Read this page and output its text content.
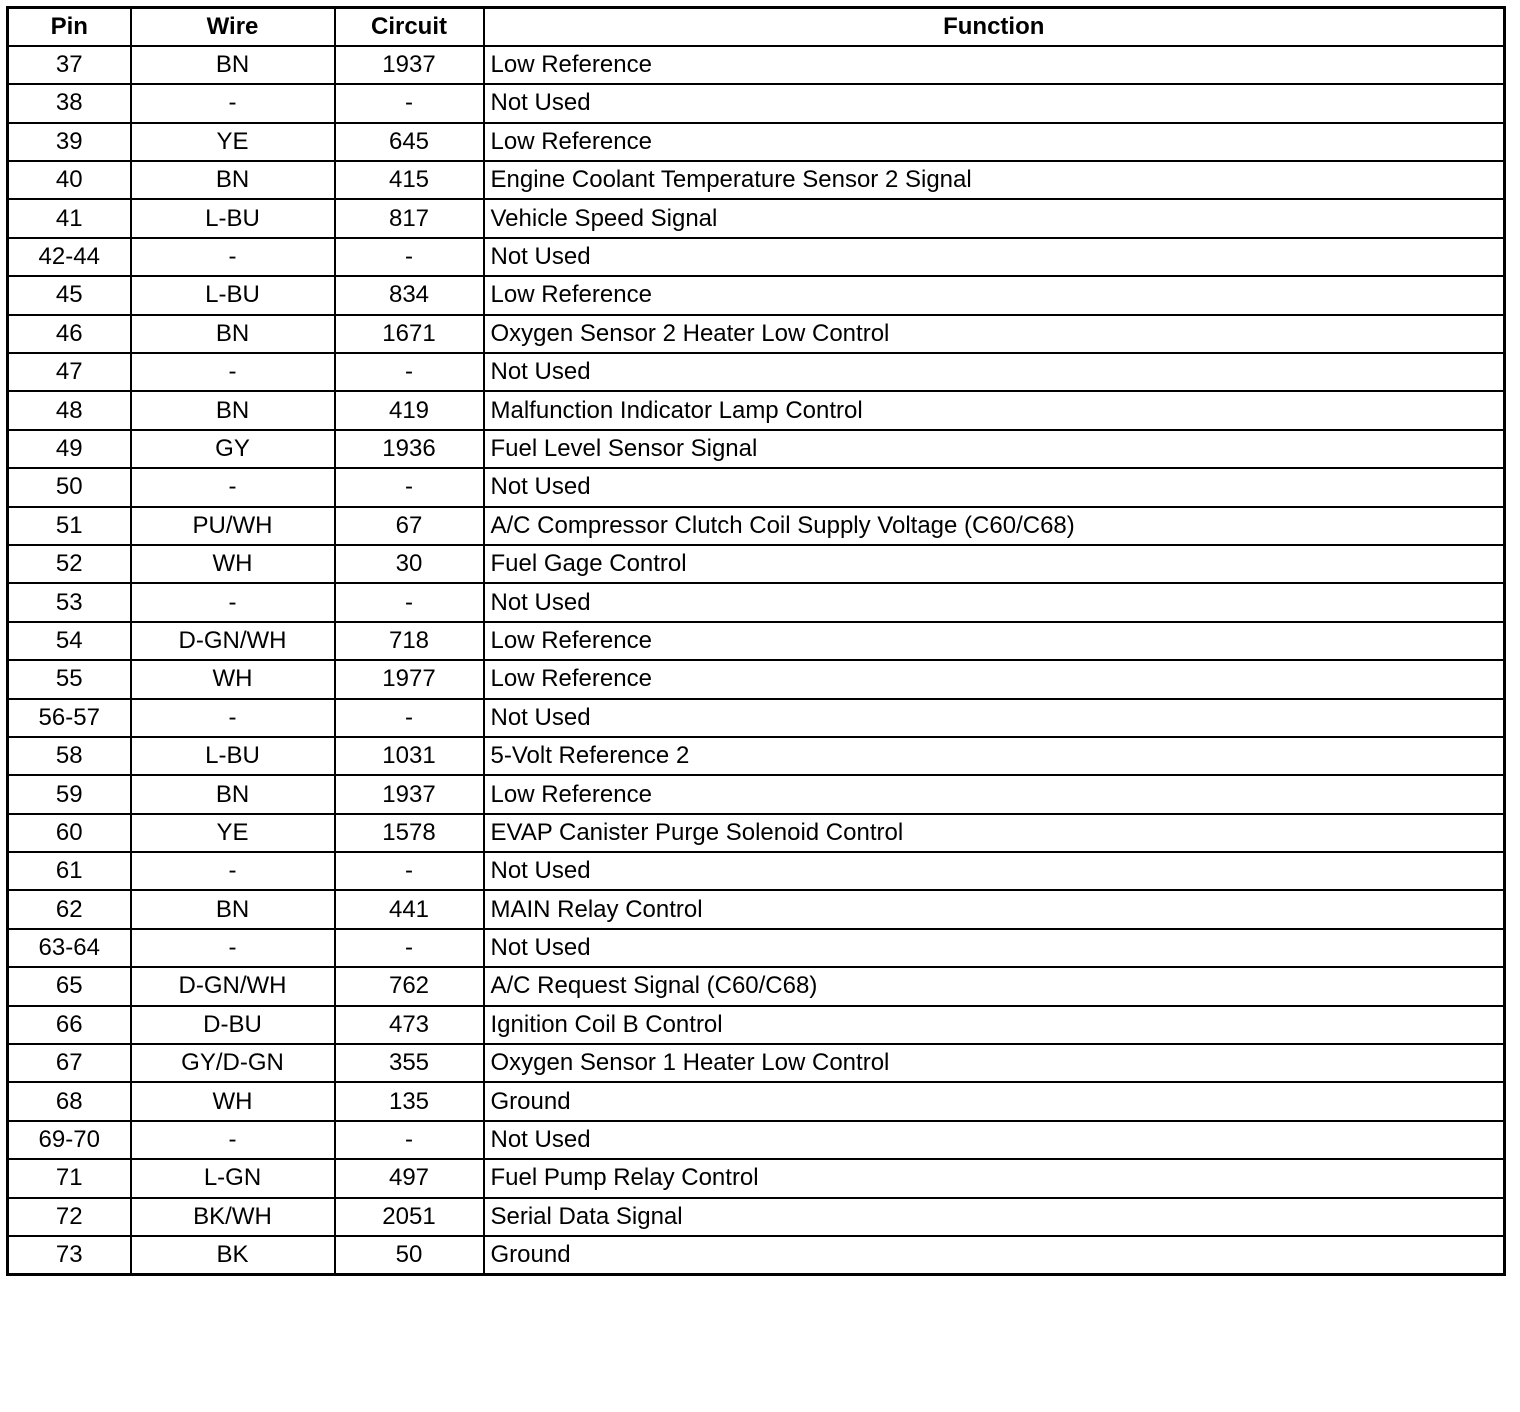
Pin	Wire	Circuit	Function
37	BN	1937	Low Reference
38	-	-	Not Used
39	YE	645	Low Reference
40	BN	415	Engine Coolant Temperature Sensor 2 Signal
41	L-BU	817	Vehicle Speed Signal
42-44	-	-	Not Used
45	L-BU	834	Low Reference
46	BN	1671	Oxygen Sensor 2 Heater Low Control
47	-	-	Not Used
48	BN	419	Malfunction Indicator Lamp Control
49	GY	1936	Fuel Level Sensor Signal
50	-	-	Not Used
51	PU/WH	67	A/C Compressor Clutch Coil Supply Voltage (C60/C68)
52	WH	30	Fuel Gage Control
53	-	-	Not Used
54	D-GN/WH	718	Low Reference
55	WH	1977	Low Reference
56-57	-	-	Not Used
58	L-BU	1031	5-Volt Reference 2
59	BN	1937	Low Reference
60	YE	1578	EVAP Canister Purge Solenoid Control
61	-	-	Not Used
62	BN	441	MAIN Relay Control
63-64	-	-	Not Used
65	D-GN/WH	762	A/C Request Signal (C60/C68)
66	D-BU	473	Ignition Coil B Control
67	GY/D-GN	355	Oxygen Sensor 1 Heater Low Control
68	WH	135	Ground
69-70	-	-	Not Used
71	L-GN	497	Fuel Pump Relay Control
72	BK/WH	2051	Serial Data Signal
73	BK	50	Ground
